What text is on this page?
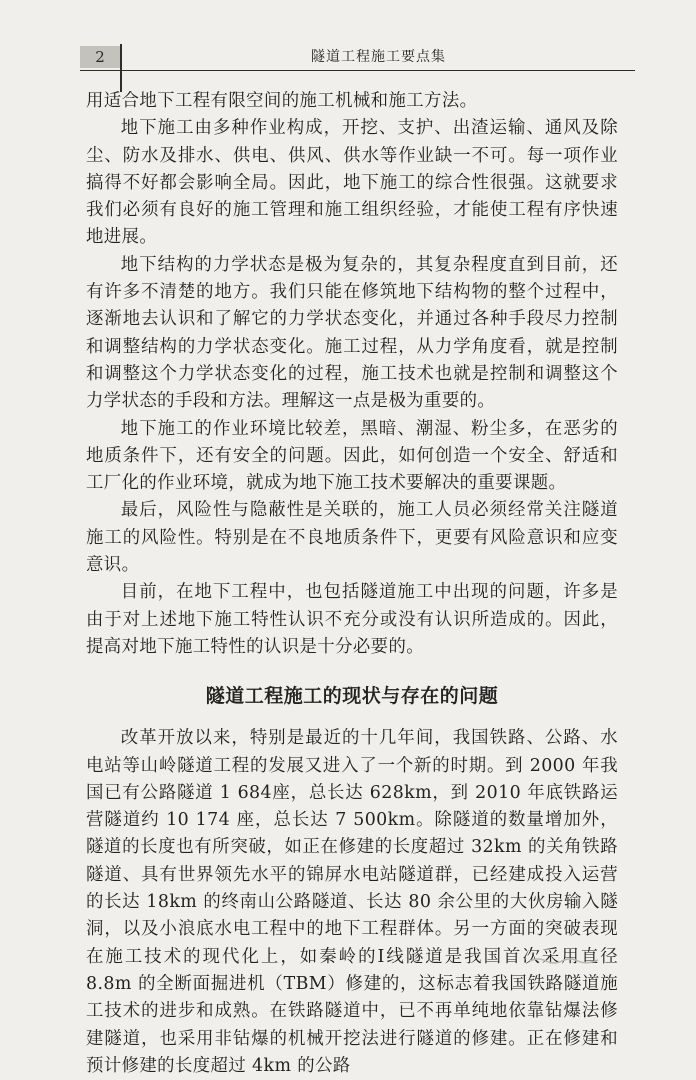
2	隧道工程施工要点集

用适合地下工程有限空间的施工机械和施工方法。

地下施工由多种作业构成，开挖、支护、出渣运输、通风及除尘、防水及排水、供电、供风、供水等作业缺一不可。每一项作业搞得不好都会影响全局。因此，地下施工的综合性很强。这就要求我们必须有良好的施工管理和施工组织经验，才能使工程有序快速地进展。

地下结构的力学状态是极为复杂的，其复杂程度直到目前，还有许多不清楚的地方。我们只能在修筑地下结构物的整个过程中，逐渐地去认识和了解它的力学状态变化，并通过各种手段尽力控制和调整结构的力学状态变化。施工过程，从力学角度看，就是控制和调整这个力学状态变化的过程，施工技术也就是控制和调整这个力学状态的手段和方法。理解这一点是极为重要的。

地下施工的作业环境比较差，黑暗、潮湿、粉尘多，在恶劣的地质条件下，还有安全的问题。因此，如何创造一个安全、舒适和工厂化的作业环境，就成为地下施工技术要解决的重要课题。

最后，风险性与隐蔽性是关联的，施工人员必须经常关注隧道施工的风险性。特别是在不良地质条件下，更要有风险意识和应变意识。

目前，在地下工程中，也包括隧道施工中出现的问题，许多是由于对上述地下施工特性认识不充分或没有认识所造成的。因此，提高对地下施工特性的认识是十分必要的。

隧道工程施工的现状与存在的问题

改革开放以来，特别是最近的十几年间，我国铁路、公路、水电站等山岭隧道工程的发展又进入了一个新的时期。到 2000 年我国已有公路隧道 1 684座，总长达 628km，到 2010 年底铁路运营隧道约 10 174 座，总长达 7 500km。除隧道的数量增加外，隧道的长度也有所突破，如正在修建的长度超过 32km 的关角铁路隧道、具有世界领先水平的锦屏水电站隧道群，已经建成投入运营的长达 18km 的终南山公路隧道、长达 80 余公里的大伙房输入隧洞，以及小浪底水电工程中的地下工程群体。另一方面的突破表现在施工技术的现代化上，如秦岭的Ⅰ线隧道是我国首次采用直径 8.8m 的全断面掘进机（TBM）修建的，这标志着我国铁路隧道施工技术的进步和成熟。在铁路隧道中，已不再单纯地依靠钻爆法修建隧道，也采用非钻爆的机械开挖法进行隧道的修建。正在修建和预计修建的长度超过 4km 的公路
